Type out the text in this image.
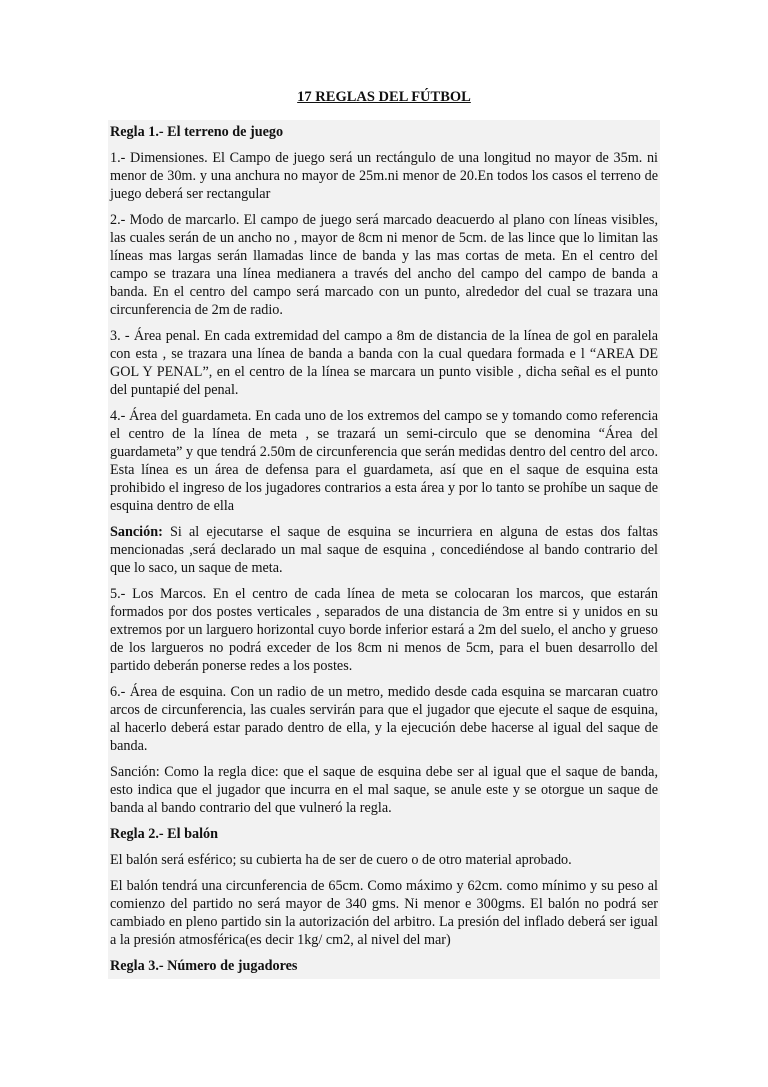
17 REGLAS DEL FÚTBOL

Regla 1.- El terreno de juego

1.- Dimensiones. El Campo de juego será un rectángulo de una longitud no mayor de 35m. ni menor de 30m. y una anchura no mayor de 25m.ni menor de 20.En todos los casos el terreno de juego deberá ser rectangular

2.- Modo de marcarlo. El campo de juego será marcado deacuerdo al plano con líneas visibles, las cuales serán de un ancho no , mayor de 8cm ni menor de 5cm. de las lince que lo limitan las líneas mas largas serán llamadas lince de banda y las mas cortas de meta. En el centro del campo se trazara una línea medianera a través del ancho del campo del campo de banda a banda. En el centro del campo será marcado con un punto, alrededor del cual se trazara una circunferencia de 2m de radio.

3. - Área penal. En cada extremidad del campo a 8m de distancia de la línea de gol en paralela con esta , se trazara una línea de banda a banda con la cual quedara formada e l “AREA DE GOL Y PENAL”, en el centro de la línea se marcara un punto visible , dicha señal es el punto del puntapié del penal.

4.- Área del guardameta. En cada uno de los extremos del campo se y tomando como referencia el centro de la línea de meta , se trazará un semi-circulo que se denomina “Área del guardameta” y que tendrá 2.50m de circunferencia que serán medidas dentro del centro del arco. Esta línea es un área de defensa para el guardameta, así que en el saque de esquina esta prohibido el ingreso de los jugadores contrarios a esta área y por lo tanto se prohíbe un saque de esquina dentro de ella

Sanción: Si al ejecutarse el saque de esquina se incurriera en alguna de estas dos faltas mencionadas ,será declarado un mal saque de esquina , concediéndose al bando contrario del que lo saco, un saque de meta.

5.- Los Marcos. En el centro de cada línea de meta se colocaran los marcos, que estarán formados por dos postes verticales , separados de una distancia de 3m entre si y unidos en su extremos por un larguero horizontal cuyo borde inferior estará a 2m del suelo, el ancho y grueso de los largueros no podrá exceder de los 8cm ni menos de 5cm, para el buen desarrollo del partido deberán ponerse redes a los postes.

6.- Área de esquina. Con un radio de un metro, medido desde cada esquina se marcaran cuatro arcos de circunferencia, las cuales servirán para que el jugador que ejecute el saque de esquina, al hacerlo deberá estar parado dentro de ella, y la ejecución debe hacerse al igual del saque de banda.

Sanción: Como la regla dice: que el saque de esquina debe ser al igual que el saque de banda, esto indica que el jugador que incurra en el mal saque, se anule este y se otorgue un saque de banda al bando contrario del que vulneró la regla.

Regla 2.- El balón

El balón será esférico; su cubierta ha de ser de cuero o de otro material aprobado.

El balón tendrá una circunferencia de 65cm. Como máximo y 62cm. como mínimo y su peso al comienzo del partido no será mayor de 340 gms. Ni menor e 300gms. El balón no podrá ser cambiado en pleno partido sin la autorización del arbitro. La presión del inflado deberá ser igual a la presión atmosférica(es decir 1kg/ cm2, al nivel del mar)

Regla 3.- Número de jugadores
